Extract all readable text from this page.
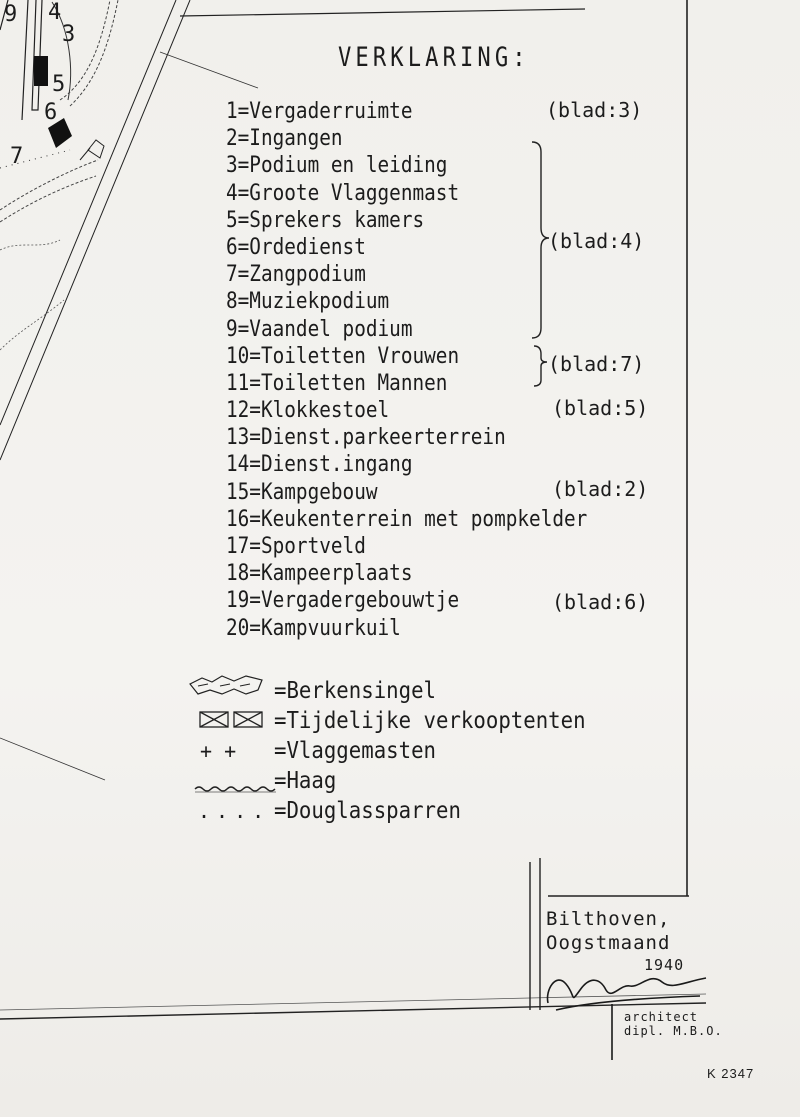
9 4
3
5
6
7
VERKLARING:
1=Vergaderruimte
2=Ingangen
3=Podium en leiding
4=Groote Vlaggenmast
5=Sprekers kamers
6=Ordedienst
7=Zangpodium
8=Muziekpodium
9=Vaandel podium
10=Toiletten Vrouwen
11=Toiletten Mannen
12=Klokkestoel
13=Dienst.parkeerterrein
14=Dienst.ingang
15=Kampgebouw
16=Keukenterrein met pompkelder
17=Sportveld
18=Kampeerplaats
19=Vergadergebouwtje
20=Kampvuurkuil
(blad:3)
(blad:4)
(blad:7)
(blad:5)
(blad:2)
(blad:6)
=Berkensingel
=Tijdelijke verkooptenten
+ +	=Vlaggemasten
=Haag
.... =Douglassparren
Bilthoven,
Oogstmaand
1940
architect
dipl. M.B.O.
K 2347
